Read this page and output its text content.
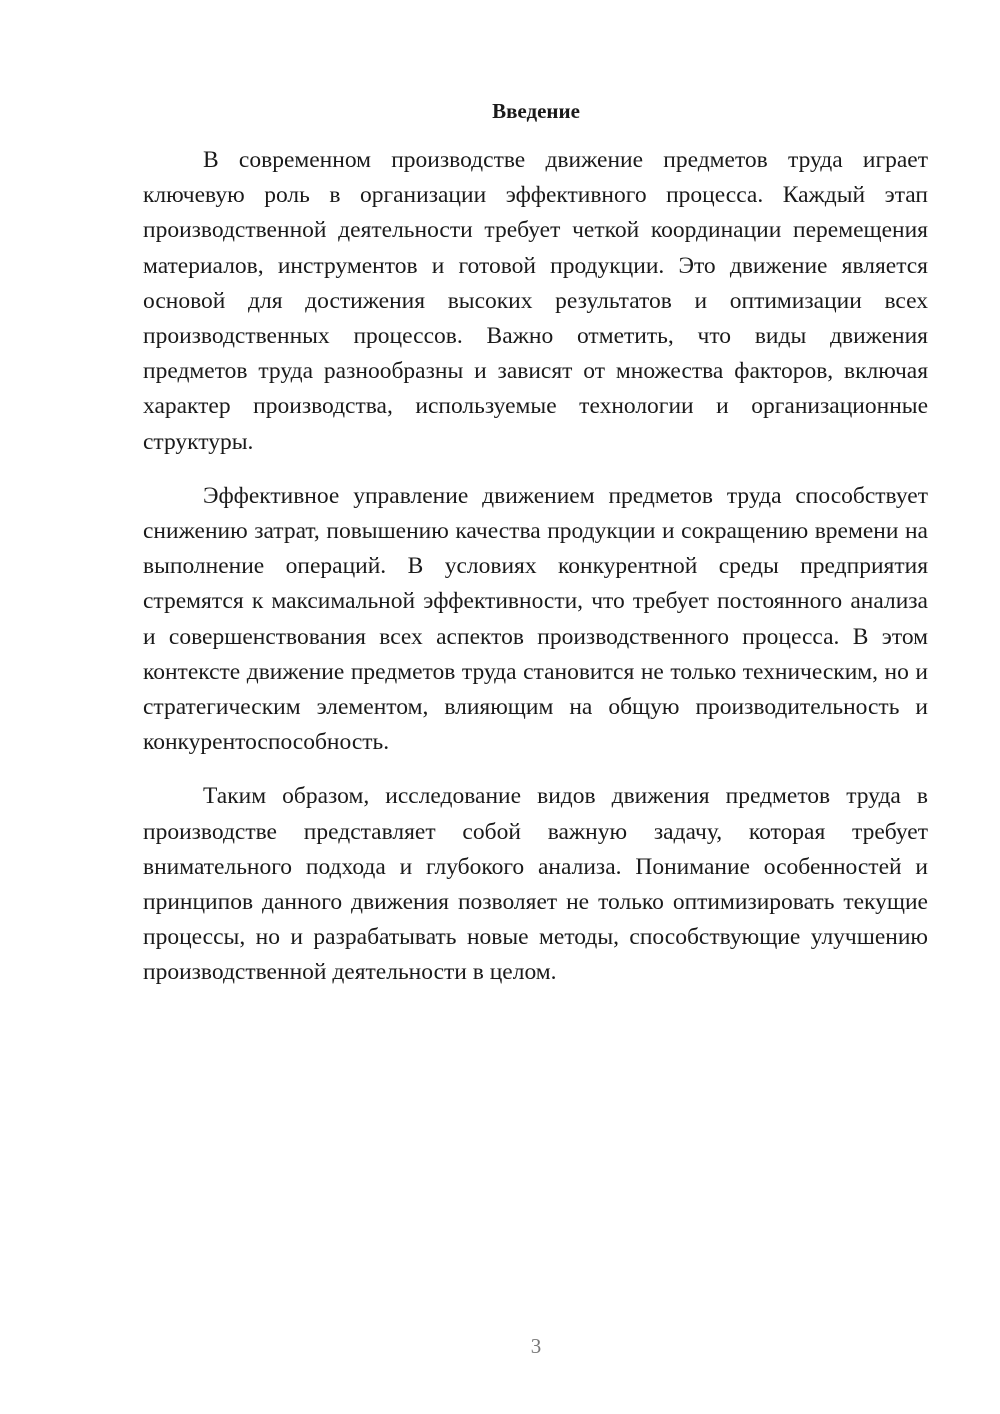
Введение

В современном производстве движение предметов труда играет ключевую роль в организации эффективного процесса. Каждый этап производственной деятельности требует четкой координации перемещения материалов, инструментов и готовой продукции. Это движение является основой для достижения высоких результатов и оптимизации всех производственных процессов. Важно отметить, что виды движения предметов труда разнообразны и зависят от множества факторов, включая характер производства, используемые технологии и организационные структуры.

Эффективное управление движением предметов труда способствует снижению затрат, повышению качества продукции и сокращению времени на выполнение операций. В условиях конкурентной среды предприятия стремятся к максимальной эффективности, что требует постоянного анализа и совершенствования всех аспектов производственного процесса. В этом контексте движение предметов труда становится не только техническим, но и стратегическим элементом, влияющим на общую производительность и конкурентоспособность.

Таким образом, исследование видов движения предметов труда в производстве представляет собой важную задачу, которая требует внимательного подхода и глубокого анализа. Понимание особенностей и принципов данного движения позволяет не только оптимизировать текущие процессы, но и разрабатывать новые методы, способствующие улучшению производственной деятельности в целом.

3
